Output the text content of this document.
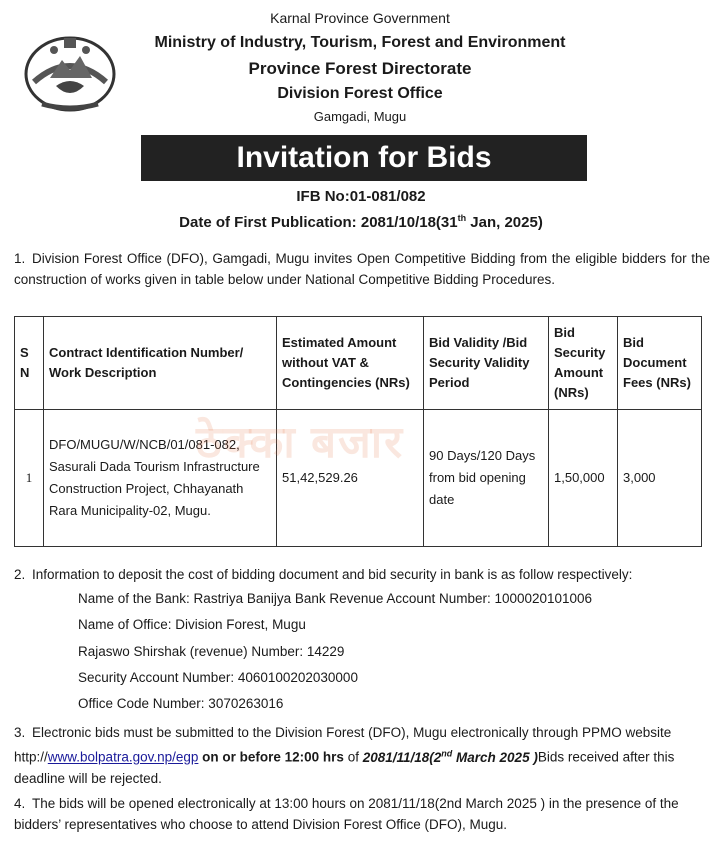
Karnal Province Government
Ministry of Industry, Tourism, Forest and Environment
Province Forest Directorate
Division Forest Office
Gamgadi, Mugu
Invitation for Bids
IFB No:01-081/082
Date of First Publication: 2081/10/18(31th Jan, 2025)
1. Division Forest Office (DFO), Gamgadi, Mugu invites Open Competitive Bidding from the eligible bidders for the construction of works given in table below under National Competitive Bidding Procedures.
S N	Contract Identification Number/ Work Description	Estimated Amount without VAT & Contingencies (NRs)	Bid Validity /Bid Security Validity Period	Bid Security Amount (NRs)	Bid Document Fees (NRs)
1	DFO/MUGU/W/NCB/01/081-082, Sasurali Dada Tourism Infrastructure Construction Project, Chhayanath Rara Municipality-02, Mugu.	51,42,529.26	90 Days/120 Days from bid opening date	1,50,000	3,000
ठेक्का बजार
2. Information to deposit the cost of bidding document and bid security in bank is as follow respectively:
Name of the Bank: Rastriya Banijya Bank Revenue Account Number: 1000020101006
Name of Office: Division Forest, Mugu
Rajaswo Shirshak (revenue) Number: 14229
Security Account Number: 4060100202030000
Office Code Number: 3070263016
3. Electronic bids must be submitted to the Division Forest (DFO), Mugu electronically through PPMO website http://www.bolpatra.gov.np/egp on or before 12:00 hrs of 2081/11/18(2nd March 2025 )Bids received after this deadline will be rejected.
4. The bids will be opened electronically at 13:00 hours on 2081/11/18(2nd March 2025 ) in the presence of the bidders’ representatives who choose to attend Division Forest Office (DFO), Mugu.
